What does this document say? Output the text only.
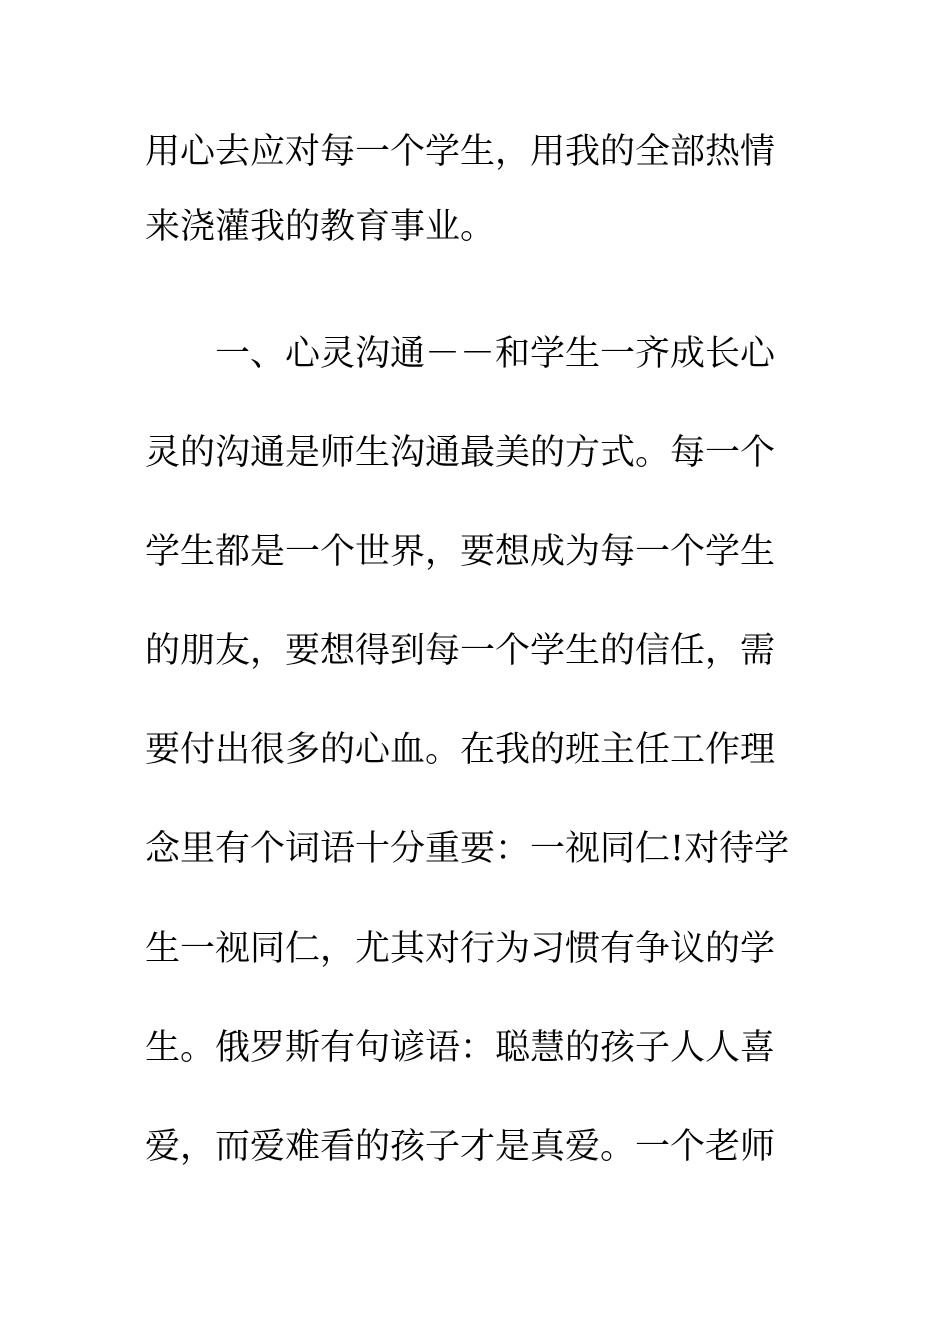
用心去应对每一个学生，用我的全部热情
来浇灌我的教育事业。
一、心灵沟通－－和学生一齐成长心
灵的沟通是师生沟通最美的方式。每一个
学生都是一个世界，要想成为每一个学生
的朋友，要想得到每一个学生的信任，需
要付出很多的心血。在我的班主任工作理
念里有个词语十分重要：一视同仁!对待学
生一视同仁，尤其对行为习惯有争议的学
生。俄罗斯有句谚语：聪慧的孩子人人喜
爱，而爱难看的孩子才是真爱。一个老师
